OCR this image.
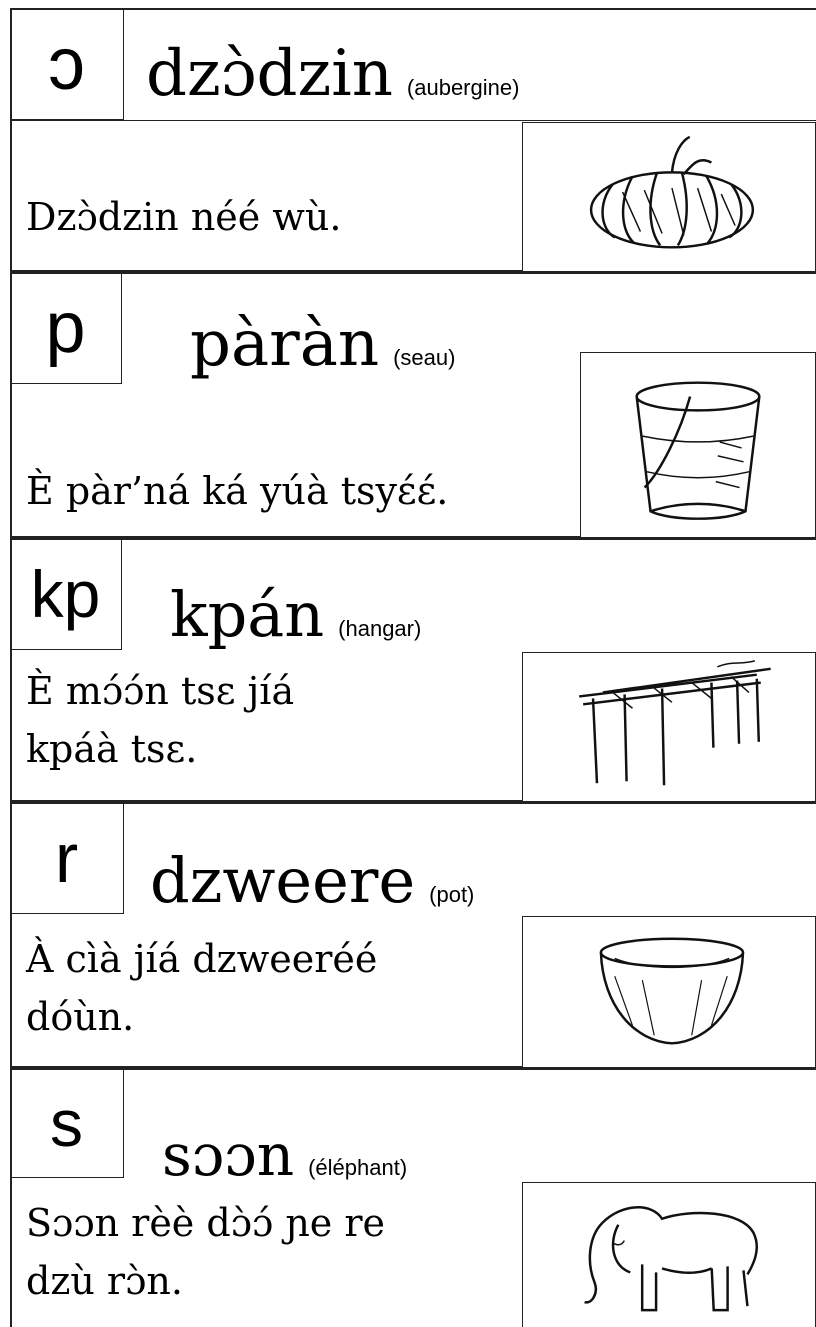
ɔ dzɔ̀dzin (aubergine)
Dzɔ̀dzin néé wù.
p	pàràn (seau)
È pàr’ná ká yúà tsyɛ́ɛ́.
kp	kpán (hangar)
È mɔ́ɔ́n tsɛ jíá
kpáà tsɛ.
r	dzweere (pot)
À cìà jíá dzweeréé
dóùn.
s	sɔɔn (éléphant)
Sɔɔn rèè dɔ̀ɔ́ ɲe re
dzù rɔ̀n.
